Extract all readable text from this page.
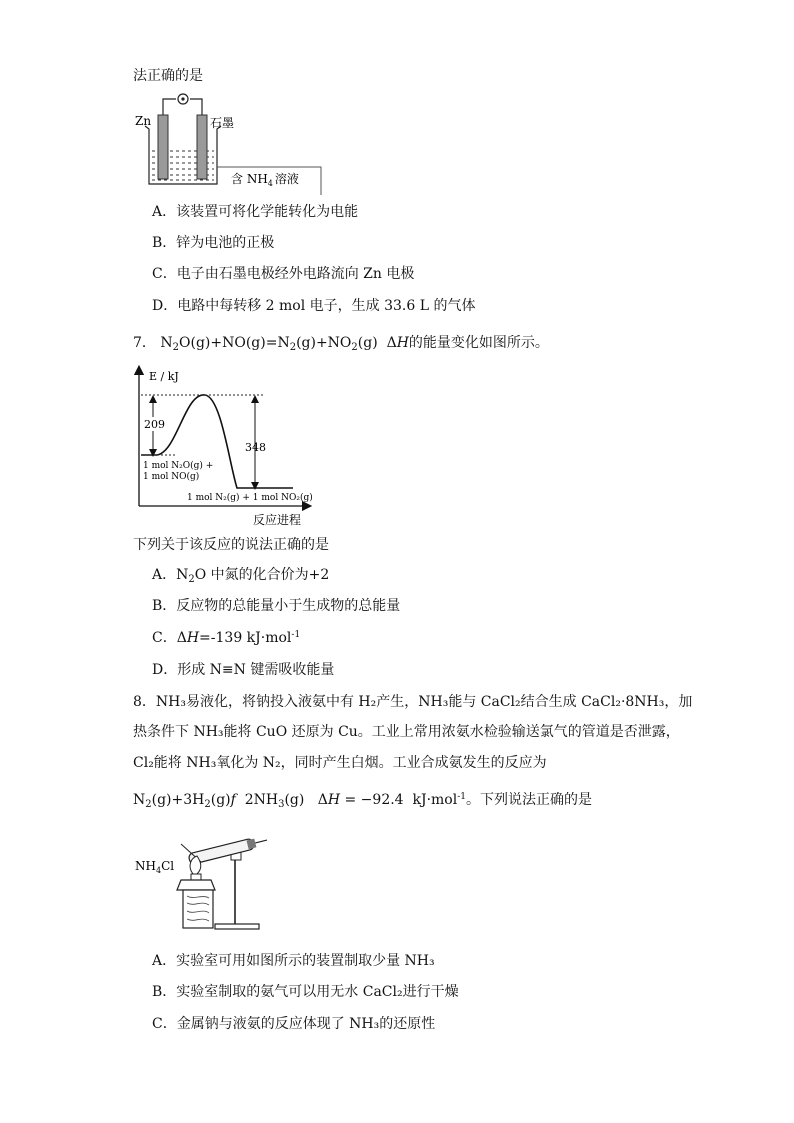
法正确的是
Zn	石墨
含 $NH_4$ 溶液
A．该装置可将化学能转化为电能
B．锌为电池的正极
C．电子由石墨电极经外电路流向 Zn 电极
D．电路中每转移 2 mol 电子，生成 33.6 L 的气体
7． $N_2O(g)+NO(g)=N_2(g)+NO_2(g)$  ΔH的能量变化如图所示。
E / kJ
反应进程
209
348
1 mol N₂O(g) +
1 mol NO(g)
1 mol N₂(g) + 1 mol NO₂(g)
下列关于该反应的说法正确的是
A．$N_2O$ 中氮的化合价为+2
B．反应物的总能量小于生成物的总能量
C．ΔH=-139 kJ·mol$^{-1}$
D．形成 N≡N 键需吸收能量
8．NH₃易液化，将钠投入液氨中有 H₂产生，NH₃能与 CaCl₂结合生成 CaCl₂·8NH₃，加
热条件下 NH₃能将 CuO 还原为 Cu。工业上常用浓氨水检验输送氯气的管道是否泄露，
Cl₂能将 NH₃氧化为 N₂，同时产生白烟。工业合成氨发生的反应为
$N_2(g)+3H_2(g)f$  $2NH_3(g) \Delta H = -92.4$  kJ·mol$^{-1}$。下列说法正确的是
$NH_4Cl$
A．实验室可用如图所示的装置制取少量 NH₃
B．实验室制取的氨气可以用无水 CaCl₂进行干燥
C．金属钠与液氨的反应体现了 NH₃的还原性
